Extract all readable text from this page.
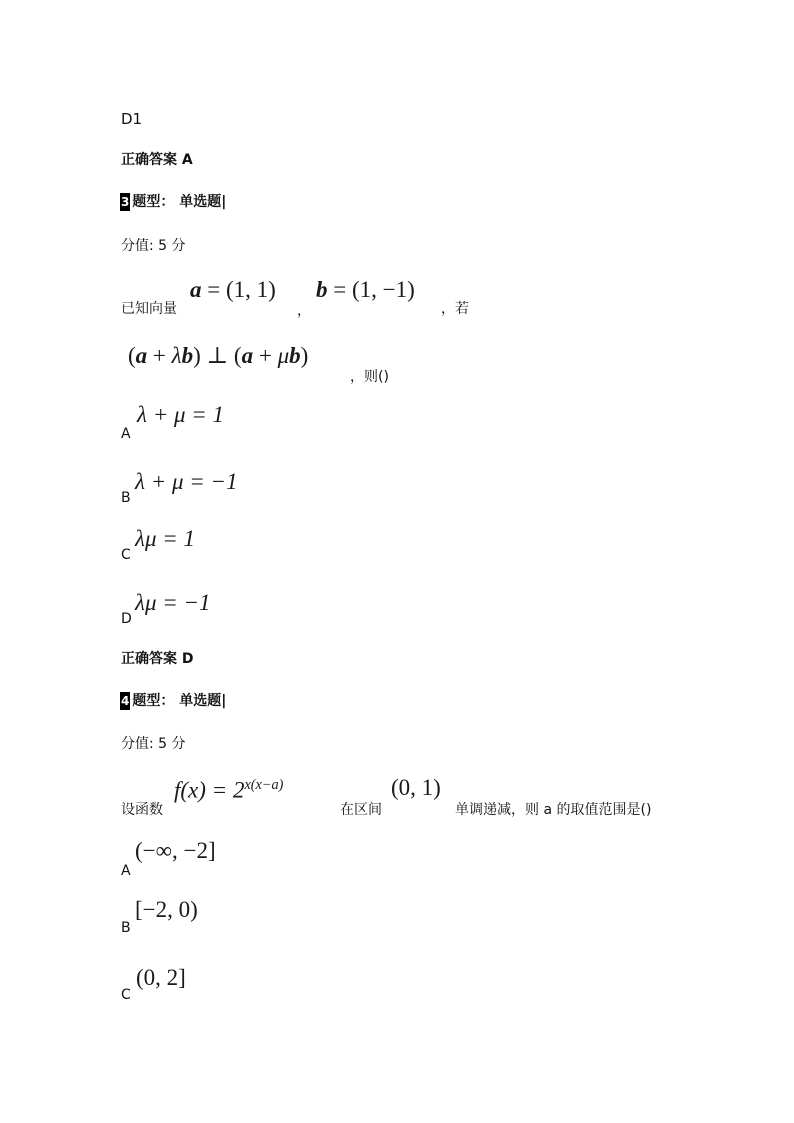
D1
正确答案 A
3 题型： 单选题|
分值: 5 分
已知向量
a = (1, 1)
，
b = (1, −1)
，若
(a + λb) ⊥ (a + μb)
，则()
A
λ + μ = 1
B
λ + μ = −1
C
λμ = 1
D
λμ = −1
正确答案 D
4 题型： 单选题|
分值: 5 分
设函数
$f(x) = 2^{x(x-a)}$
在区间
(0, 1)
单调递减，则 a 的取值范围是()
A
(−∞, −2]
B
[−2, 0)
C
(0, 2]
